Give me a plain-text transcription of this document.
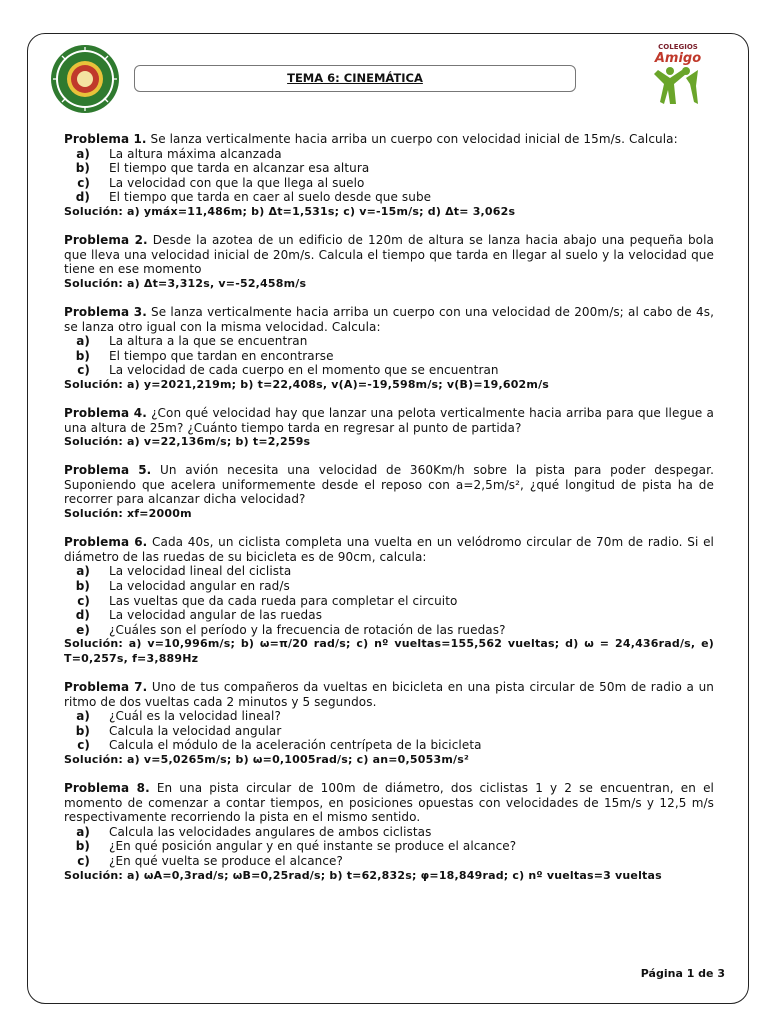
COLEGIOS
Amigo
TEMA 6: CINEMÁTICA

Problema 1. Se lanza verticalmente hacia arriba un cuerpo con velocidad inicial de 15m/s. Calcula:

a) La altura máxima alcanzada
b) El tiempo que tarda en alcanzar esa altura
c) La velocidad con que la que llega al suelo
d) El tiempo que tarda en caer al suelo desde que sube

Solución: a) ymáx=11,486m; b) Δt=1,531s; c) v=-15m/s; d) Δt= 3,062s

Problema 2. Desde la azotea de un edificio de 120m de altura se lanza hacia abajo una pequeña bola que lleva una velocidad inicial de 20m/s. Calcula el tiempo que tarda en llegar al suelo y la velocidad que tiene en ese momento

Solución: a) Δt=3,312s, v=-52,458m/s

Problema 3. Se lanza verticalmente hacia arriba un cuerpo con una velocidad de 200m/s; al cabo de 4s, se lanza otro igual con la misma velocidad. Calcula:

a) La altura a la que se encuentran
b) El tiempo que tardan en encontrarse
c) La velocidad de cada cuerpo en el momento que se encuentran

Solución: a) y=2021,219m; b) t=22,408s, v(A)=-19,598m/s; v(B)=19,602m/s

Problema 4. ¿Con qué velocidad hay que lanzar una pelota verticalmente hacia arriba para que llegue a una altura de 25m? ¿Cuánto tiempo tarda en regresar al punto de partida?

Solución: a) v=22,136m/s; b) t=2,259s

Problema 5. Un avión necesita una velocidad de 360Km/h sobre la pista para poder despegar. Suponiendo que acelera uniformemente desde el reposo con a=2,5m/s², ¿qué longitud de pista ha de recorrer para alcanzar dicha velocidad?

Solución: xf=2000m

Problema 6. Cada 40s, un ciclista completa una vuelta en un velódromo circular de 70m de radio. Si el diámetro de las ruedas de su bicicleta es de 90cm, calcula:

a) La velocidad lineal del ciclista
b) La velocidad angular en rad/s
c) Las vueltas que da cada rueda para completar el circuito
d) La velocidad angular de las ruedas
e) ¿Cuáles son el período y la frecuencia de rotación de las ruedas?

Solución: a) v=10,996m/s; b) ω=π/20 rad/s; c) nº vueltas=155,562 vueltas; d) ω = 24,436rad/s, e) T=0,257s, f=3,889Hz

Problema 7. Uno de tus compañeros da vueltas en bicicleta en una pista circular de 50m de radio a un ritmo de dos vueltas cada 2 minutos y 5 segundos.

a) ¿Cuál es la velocidad lineal?
b) Calcula la velocidad angular
c) Calcula el módulo de la aceleración centrípeta de la bicicleta

Solución: a) v=5,0265m/s; b) ω=0,1005rad/s; c) an=0,5053m/s²

Problema 8. En una pista circular de 100m de diámetro, dos ciclistas 1 y 2 se encuentran, en el momento de comenzar a contar tiempos, en posiciones opuestas con velocidades de 15m/s y 12,5 m/s respectivamente recorriendo la pista en el mismo sentido.

a) Calcula las velocidades angulares de ambos ciclistas
b) ¿En qué posición angular y en qué instante se produce el alcance?
c) ¿En qué vuelta se produce el alcance?

Solución: a) ωA=0,3rad/s; ωB=0,25rad/s; b) t=62,832s; φ=18,849rad; c) nº vueltas=3 vueltas

Página 1 de 3
